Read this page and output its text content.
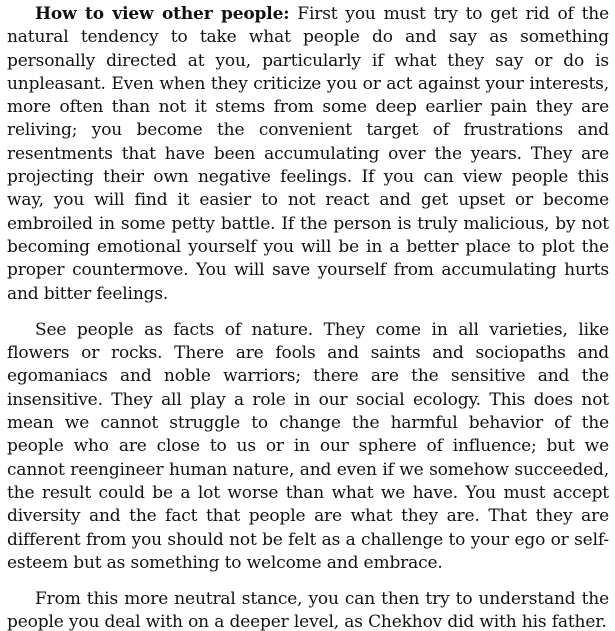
How to view other people: First you must try to get rid of the natural tendency to take what people do and say as something personally directed at you, particularly if what they say or do is unpleasant. Even when they criticize you or act against your interests, more often than not it stems from some deep earlier pain they are reliving; you become the convenient target of frustrations and resentments that have been accumulating over the years. They are projecting their own negative feelings. If you can view people this way, you will find it easier to not react and get upset or become embroiled in some petty battle. If the person is truly malicious, by not becoming emotional yourself you will be in a better place to plot the proper countermove. You will save yourself from accumulating hurts and bitter feelings.

See people as facts of nature. They come in all varieties, like flowers or rocks. There are fools and saints and sociopaths and egomaniacs and noble warriors; there are the sensitive and the insensitive. They all play a role in our social ecology. This does not mean we cannot struggle to change the harmful behavior of the people who are close to us or in our sphere of influence; but we cannot reengineer human nature, and even if we somehow succeeded, the result could be a lot worse than what we have. You must accept diversity and the fact that people are what they are. That they are different from you should not be felt as a challenge to your ego or self-esteem but as something to welcome and embrace.

From this more neutral stance, you can then try to understand the people you deal with on a deeper level, as Chekhov did with his father.
